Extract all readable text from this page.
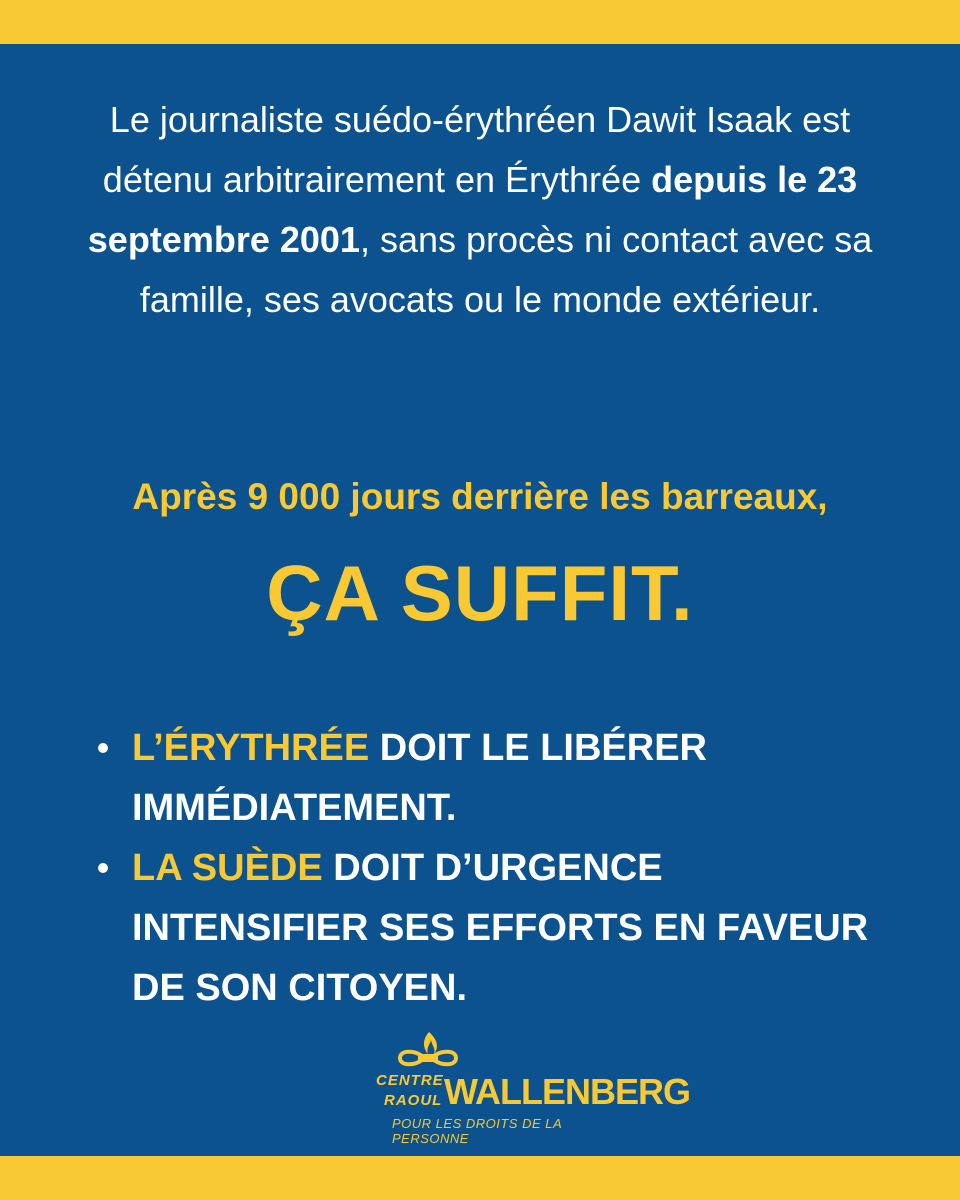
Le journaliste suédo-érythréen Dawit Isaak est détenu arbitrairement en Érythrée depuis le 23 septembre 2001, sans procès ni contact avec sa famille, ses avocats ou le monde extérieur.

Après 9 000 jours derrière les barreaux,

ÇA SUFFIT.

L’ÉRYTHRÉE DOIT LE LIBÉRER IMMÉDIATEMENT.
LA SUÈDE DOIT D’URGENCE INTENSIFIER SES EFFORTS EN FAVEUR DE SON CITOYEN.
CENTRE
RAOUL WALLENBERG
POUR LES DROITS DE LA PERSONNE
